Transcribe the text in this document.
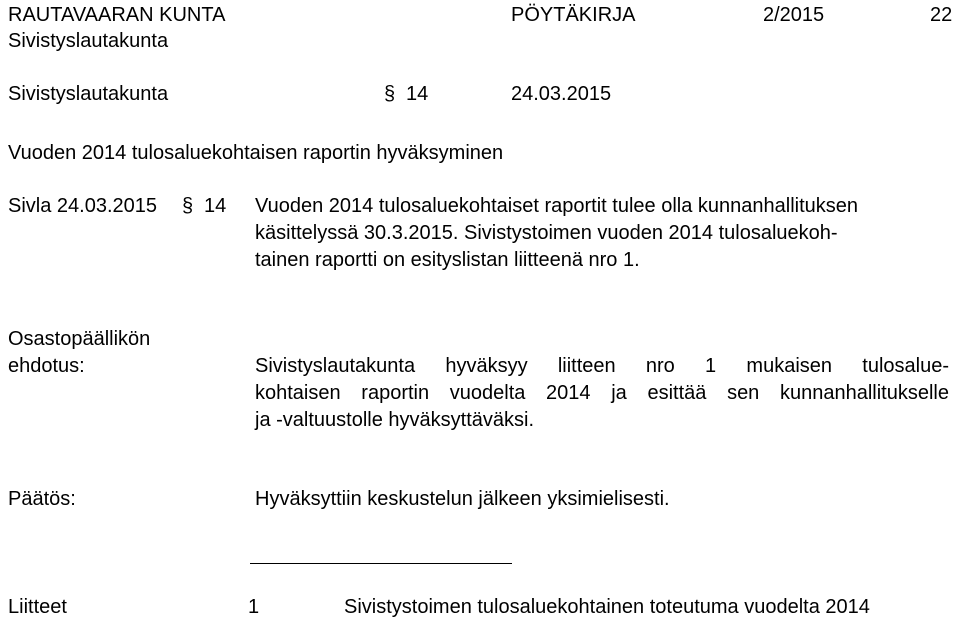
RAUTAVAARAN KUNTA
Sivistyslautakunta
PÖYTÄKIRJA	2/2015	22
Sivistyslautakunta	§ 14	24.03.2015
Vuoden 2014 tulosaluekohtaisen raportin hyväksyminen
Sivla 24.03.2015 § 14 Vuoden 2014 tulosaluekohtaiset raportit tulee olla kunnanhallituksen
käsittelyssä 30.3.2015. Sivistystoimen vuoden 2014 tulosaluekoh-
tainen raportti on esityslistan liitteenä nro 1.
Osastopäällikön
ehdotus:	Sivistyslautakunta hyväksyy liitteen nro 1 mukaisen tulosalue-
kohtaisen raportin vuodelta 2014 ja esittää sen kunnanhallitukselle
ja -valtuustolle hyväksyttäväksi.
Päätös:	Hyväksyttiin keskustelun jälkeen yksimielisesti.
Liitteet	1	Sivistystoimen tulosaluekohtainen toteutuma vuodelta 2014
